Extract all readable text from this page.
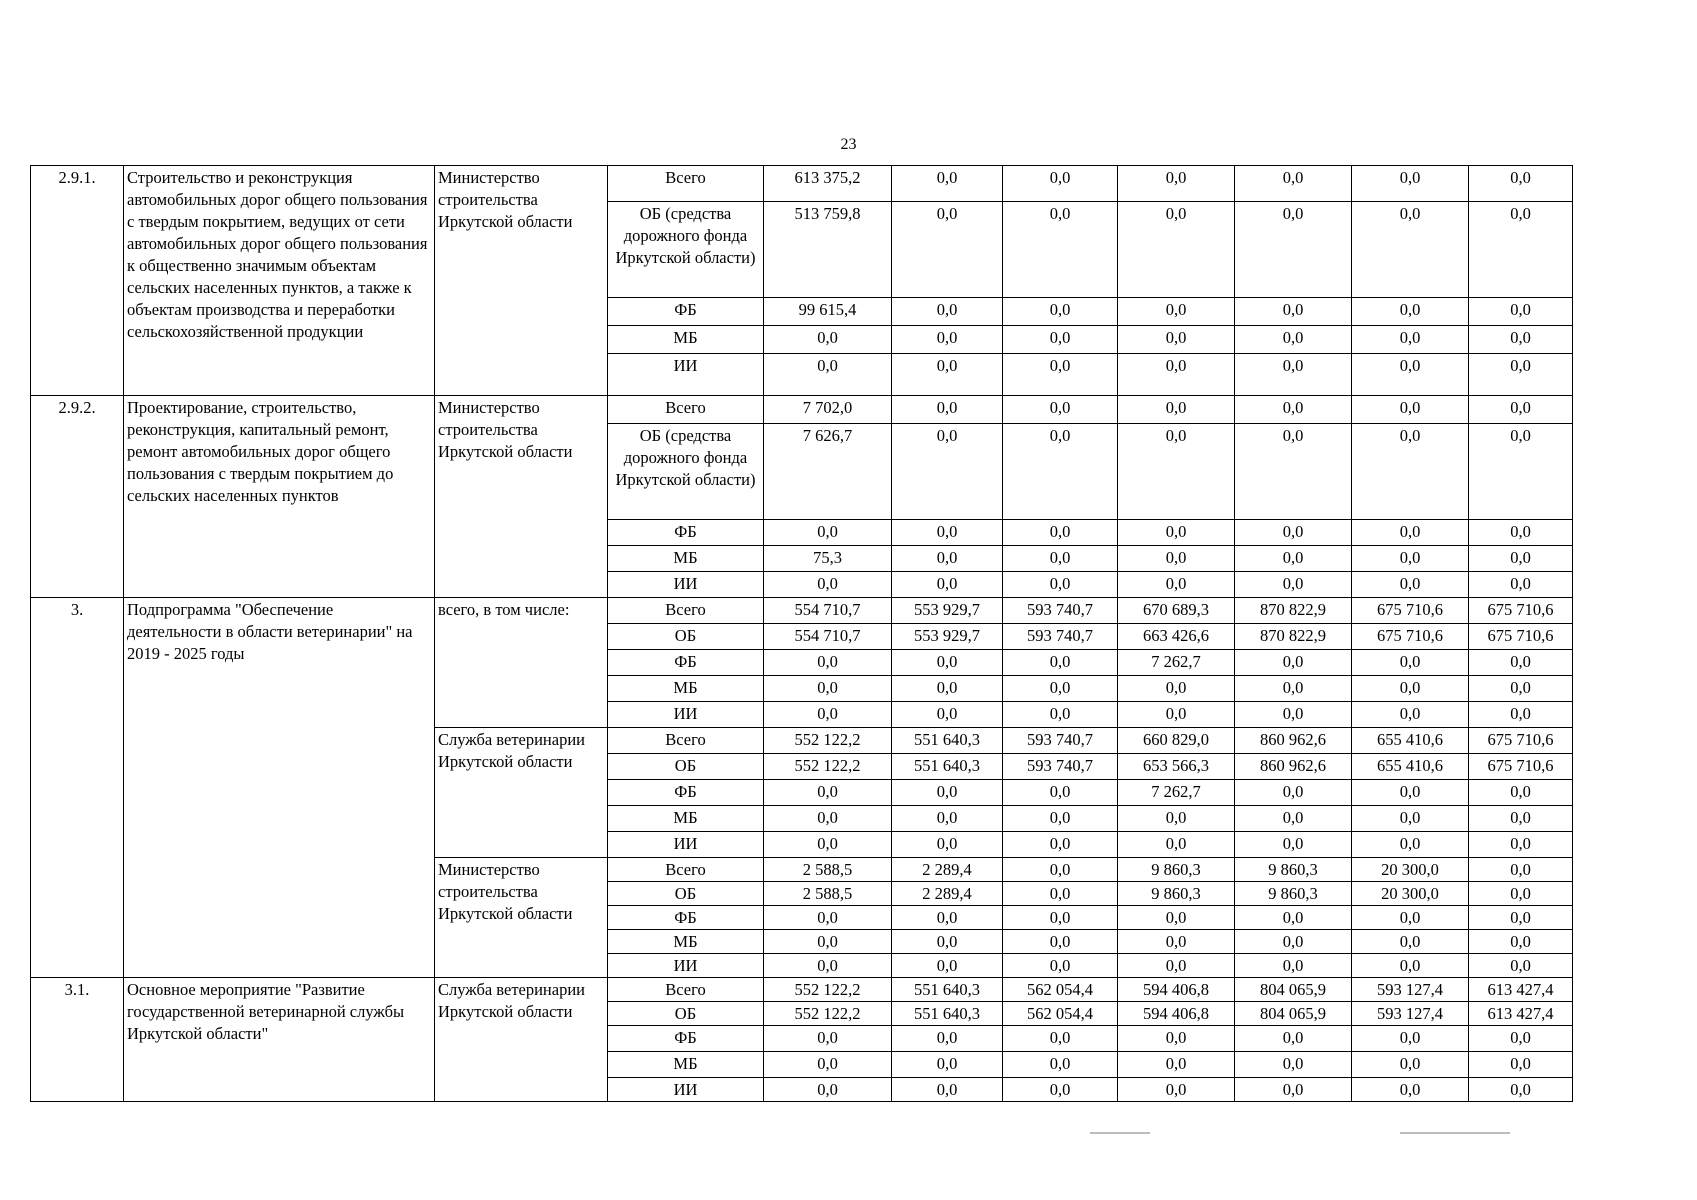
23
2.9.1.	Строительство и реконструкция автомобильных дорог общего пользования с твердым покрытием, ведущих от сети автомобильных дорог общего пользования к общественно значимым объектам сельских населенных пунктов, а также к объектам производства и переработки сельскохозяйственной продукции	Министерство строительства Иркутской области	Всего	613 375,2	0,0	0,0	0,0	0,0	0,0	0,0
			ОБ (средства дорожного фонда Иркутской области)	513 759,8	0,0	0,0	0,0	0,0	0,0	0,0
			ФБ	99 615,4	0,0	0,0	0,0	0,0	0,0	0,0
			МБ	0,0	0,0	0,0	0,0	0,0	0,0	0,0
			ИИ	0,0	0,0	0,0	0,0	0,0	0,0	0,0
2.9.2.	Проектирование, строительство, реконструкция, капитальный ремонт, ремонт автомобильных дорог общего пользования с твердым покрытием до сельских населенных пунктов	Министерство строительства Иркутской области	Всего	7 702,0	0,0	0,0	0,0	0,0	0,0	0,0
			ОБ (средства дорожного фонда Иркутской области)	7 626,7	0,0	0,0	0,0	0,0	0,0	0,0
			ФБ	0,0	0,0	0,0	0,0	0,0	0,0	0,0
			МБ	75,3	0,0	0,0	0,0	0,0	0,0	0,0
			ИИ	0,0	0,0	0,0	0,0	0,0	0,0	0,0
3.	Подпрограмма "Обеспечение деятельности в области ветеринарии" на 2019 - 2025 годы	всего, в том числе:	Всего	554 710,7	553 929,7	593 740,7	670 689,3	870 822,9	675 710,6	675 710,6
			ОБ	554 710,7	553 929,7	593 740,7	663 426,6	870 822,9	675 710,6	675 710,6
			ФБ	0,0	0,0	0,0	7 262,7	0,0	0,0	0,0
			МБ	0,0	0,0	0,0	0,0	0,0	0,0	0,0
			ИИ	0,0	0,0	0,0	0,0	0,0	0,0	0,0
		Служба ветеринарии Иркутской области	Всего	552 122,2	551 640,3	593 740,7	660 829,0	860 962,6	655 410,6	675 710,6
			ОБ	552 122,2	551 640,3	593 740,7	653 566,3	860 962,6	655 410,6	675 710,6
			ФБ	0,0	0,0	0,0	7 262,7	0,0	0,0	0,0
			МБ	0,0	0,0	0,0	0,0	0,0	0,0	0,0
			ИИ	0,0	0,0	0,0	0,0	0,0	0,0	0,0
		Министерство строительства Иркутской области	Всего	2 588,5	2 289,4	0,0	9 860,3	9 860,3	20 300,0	0,0
			ОБ	2 588,5	2 289,4	0,0	9 860,3	9 860,3	20 300,0	0,0
			ФБ	0,0	0,0	0,0	0,0	0,0	0,0	0,0
			МБ	0,0	0,0	0,0	0,0	0,0	0,0	0,0
			ИИ	0,0	0,0	0,0	0,0	0,0	0,0	0,0
3.1.	Основное мероприятие "Развитие государственной ветеринарной службы Иркутской области"	Служба ветеринарии Иркутской области	Всего	552 122,2	551 640,3	562 054,4	594 406,8	804 065,9	593 127,4	613 427,4
			ОБ	552 122,2	551 640,3	562 054,4	594 406,8	804 065,9	593 127,4	613 427,4
			ФБ	0,0	0,0	0,0	0,0	0,0	0,0	0,0
			МБ	0,0	0,0	0,0	0,0	0,0	0,0	0,0
			ИИ	0,0	0,0	0,0	0,0	0,0	0,0	0,0
